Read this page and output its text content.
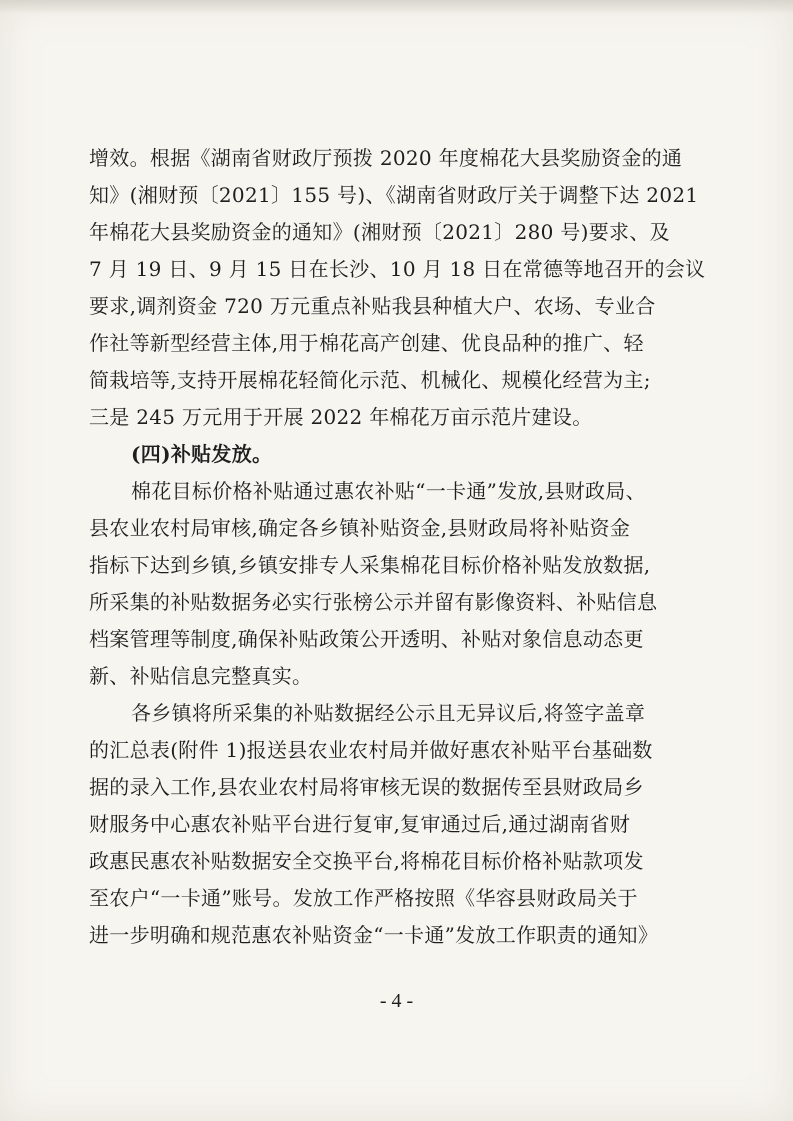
增效。根据《湖南省财政厅预拨 2020 年度棉花大县奖励资金的通
知》(湘财预〔2021〕155 号)、《湖南省财政厅关于调整下达 2021
年棉花大县奖励资金的通知》(湘财预〔2021〕280 号)要求、及
7 月 19 日、9 月 15 日在长沙、10 月 18 日在常德等地召开的会议
要求,调剂资金 720 万元重点补贴我县种植大户、农场、专业合
作社等新型经营主体,用于棉花高产创建、优良品种的推广、轻
简栽培等,支持开展棉花轻简化示范、机械化、规模化经营为主;
三是 245 万元用于开展 2022 年棉花万亩示范片建设。
(四)补贴发放。
棉花目标价格补贴通过惠农补贴“一卡通”发放,县财政局、
县农业农村局审核,确定各乡镇补贴资金,县财政局将补贴资金
指标下达到乡镇,乡镇安排专人采集棉花目标价格补贴发放数据,
所采集的补贴数据务必实行张榜公示并留有影像资料、补贴信息
档案管理等制度,确保补贴政策公开透明、补贴对象信息动态更
新、补贴信息完整真实。
各乡镇将所采集的补贴数据经公示且无异议后,将签字盖章
的汇总表(附件 1)报送县农业农村局并做好惠农补贴平台基础数
据的录入工作,县农业农村局将审核无误的数据传至县财政局乡
财服务中心惠农补贴平台进行复审,复审通过后,通过湖南省财
政惠民惠农补贴数据安全交换平台,将棉花目标价格补贴款项发
至农户“一卡通”账号。发放工作严格按照《华容县财政局关于
进一步明确和规范惠农补贴资金“一卡通”发放工作职责的通知》
- 4 -
